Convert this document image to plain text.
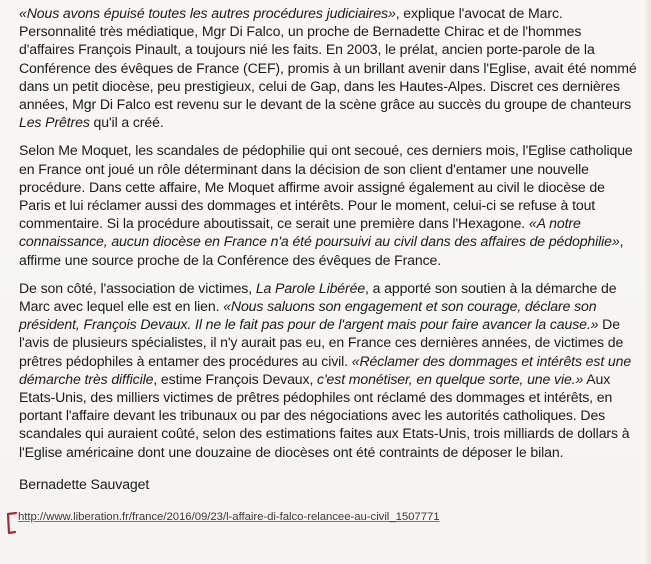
«Nous avons épuisé toutes les autres procédures judiciaires», explique l'avocat de Marc.
Personnalité très médiatique, Mgr Di Falco, un proche de Bernadette Chirac et de l'hommes
d'affaires François Pinault, a toujours nié les faits. En 2003, le prélat, ancien porte-parole de la
Conférence des évêques de France (CEF), promis à un brillant avenir dans l'Eglise, avait été nommé
dans un petit diocèse, peu prestigieux, celui de Gap, dans les Hautes-Alpes. Discret ces dernières
années, Mgr Di Falco est revenu sur le devant de la scène grâce au succès du groupe de chanteurs
Les Prêtres qu'il a créé.

Selon Me Moquet, les scandales de pédophilie qui ont secoué, ces derniers mois, l'Eglise catholique
en France ont joué un rôle déterminant dans la décision de son client d'entamer une nouvelle
procédure. Dans cette affaire, Me Moquet affirme avoir assigné également au civil le diocèse de
Paris et lui réclamer aussi des dommages et intérêts. Pour le moment, celui-ci se refuse à tout
commentaire. Si la procédure aboutissait, ce serait une première dans l'Hexagone. «A notre
connaissance, aucun diocèse en France n'a été poursuivi au civil dans des affaires de pédophilie»,
affirme une source proche de la Conférence des évêques de France.

De son côté, l'association de victimes, La Parole Libérée, a apporté son soutien à la démarche de
Marc avec lequel elle est en lien. «Nous saluons son engagement et son courage, déclare son
président, François Devaux. Il ne le fait pas pour de l'argent mais pour faire avancer la cause.» De
l'avis de plusieurs spécialistes, il n'y aurait pas eu, en France ces dernières années, de victimes de
prêtres pédophiles à entamer des procédures au civil. «Réclamer des dommages et intérêts est une
démarche très difficile, estime François Devaux, c'est monétiser, en quelque sorte, une vie.» Aux
Etats-Unis, des milliers victimes de prêtres pédophiles ont réclamé des dommages et intérêts, en
portant l'affaire devant les tribunaux ou par des négociations avec les autorités catholiques. Des
scandales qui auraient coûté, selon des estimations faites aux Etats-Unis, trois milliards de dollars à
l'Eglise américaine dont une douzaine de diocèses ont été contraints de déposer le bilan.

Bernadette Sauvaget
http://www.liberation.fr/france/2016/09/23/l-affaire-di-falco-relancee-au-civil_1507771
